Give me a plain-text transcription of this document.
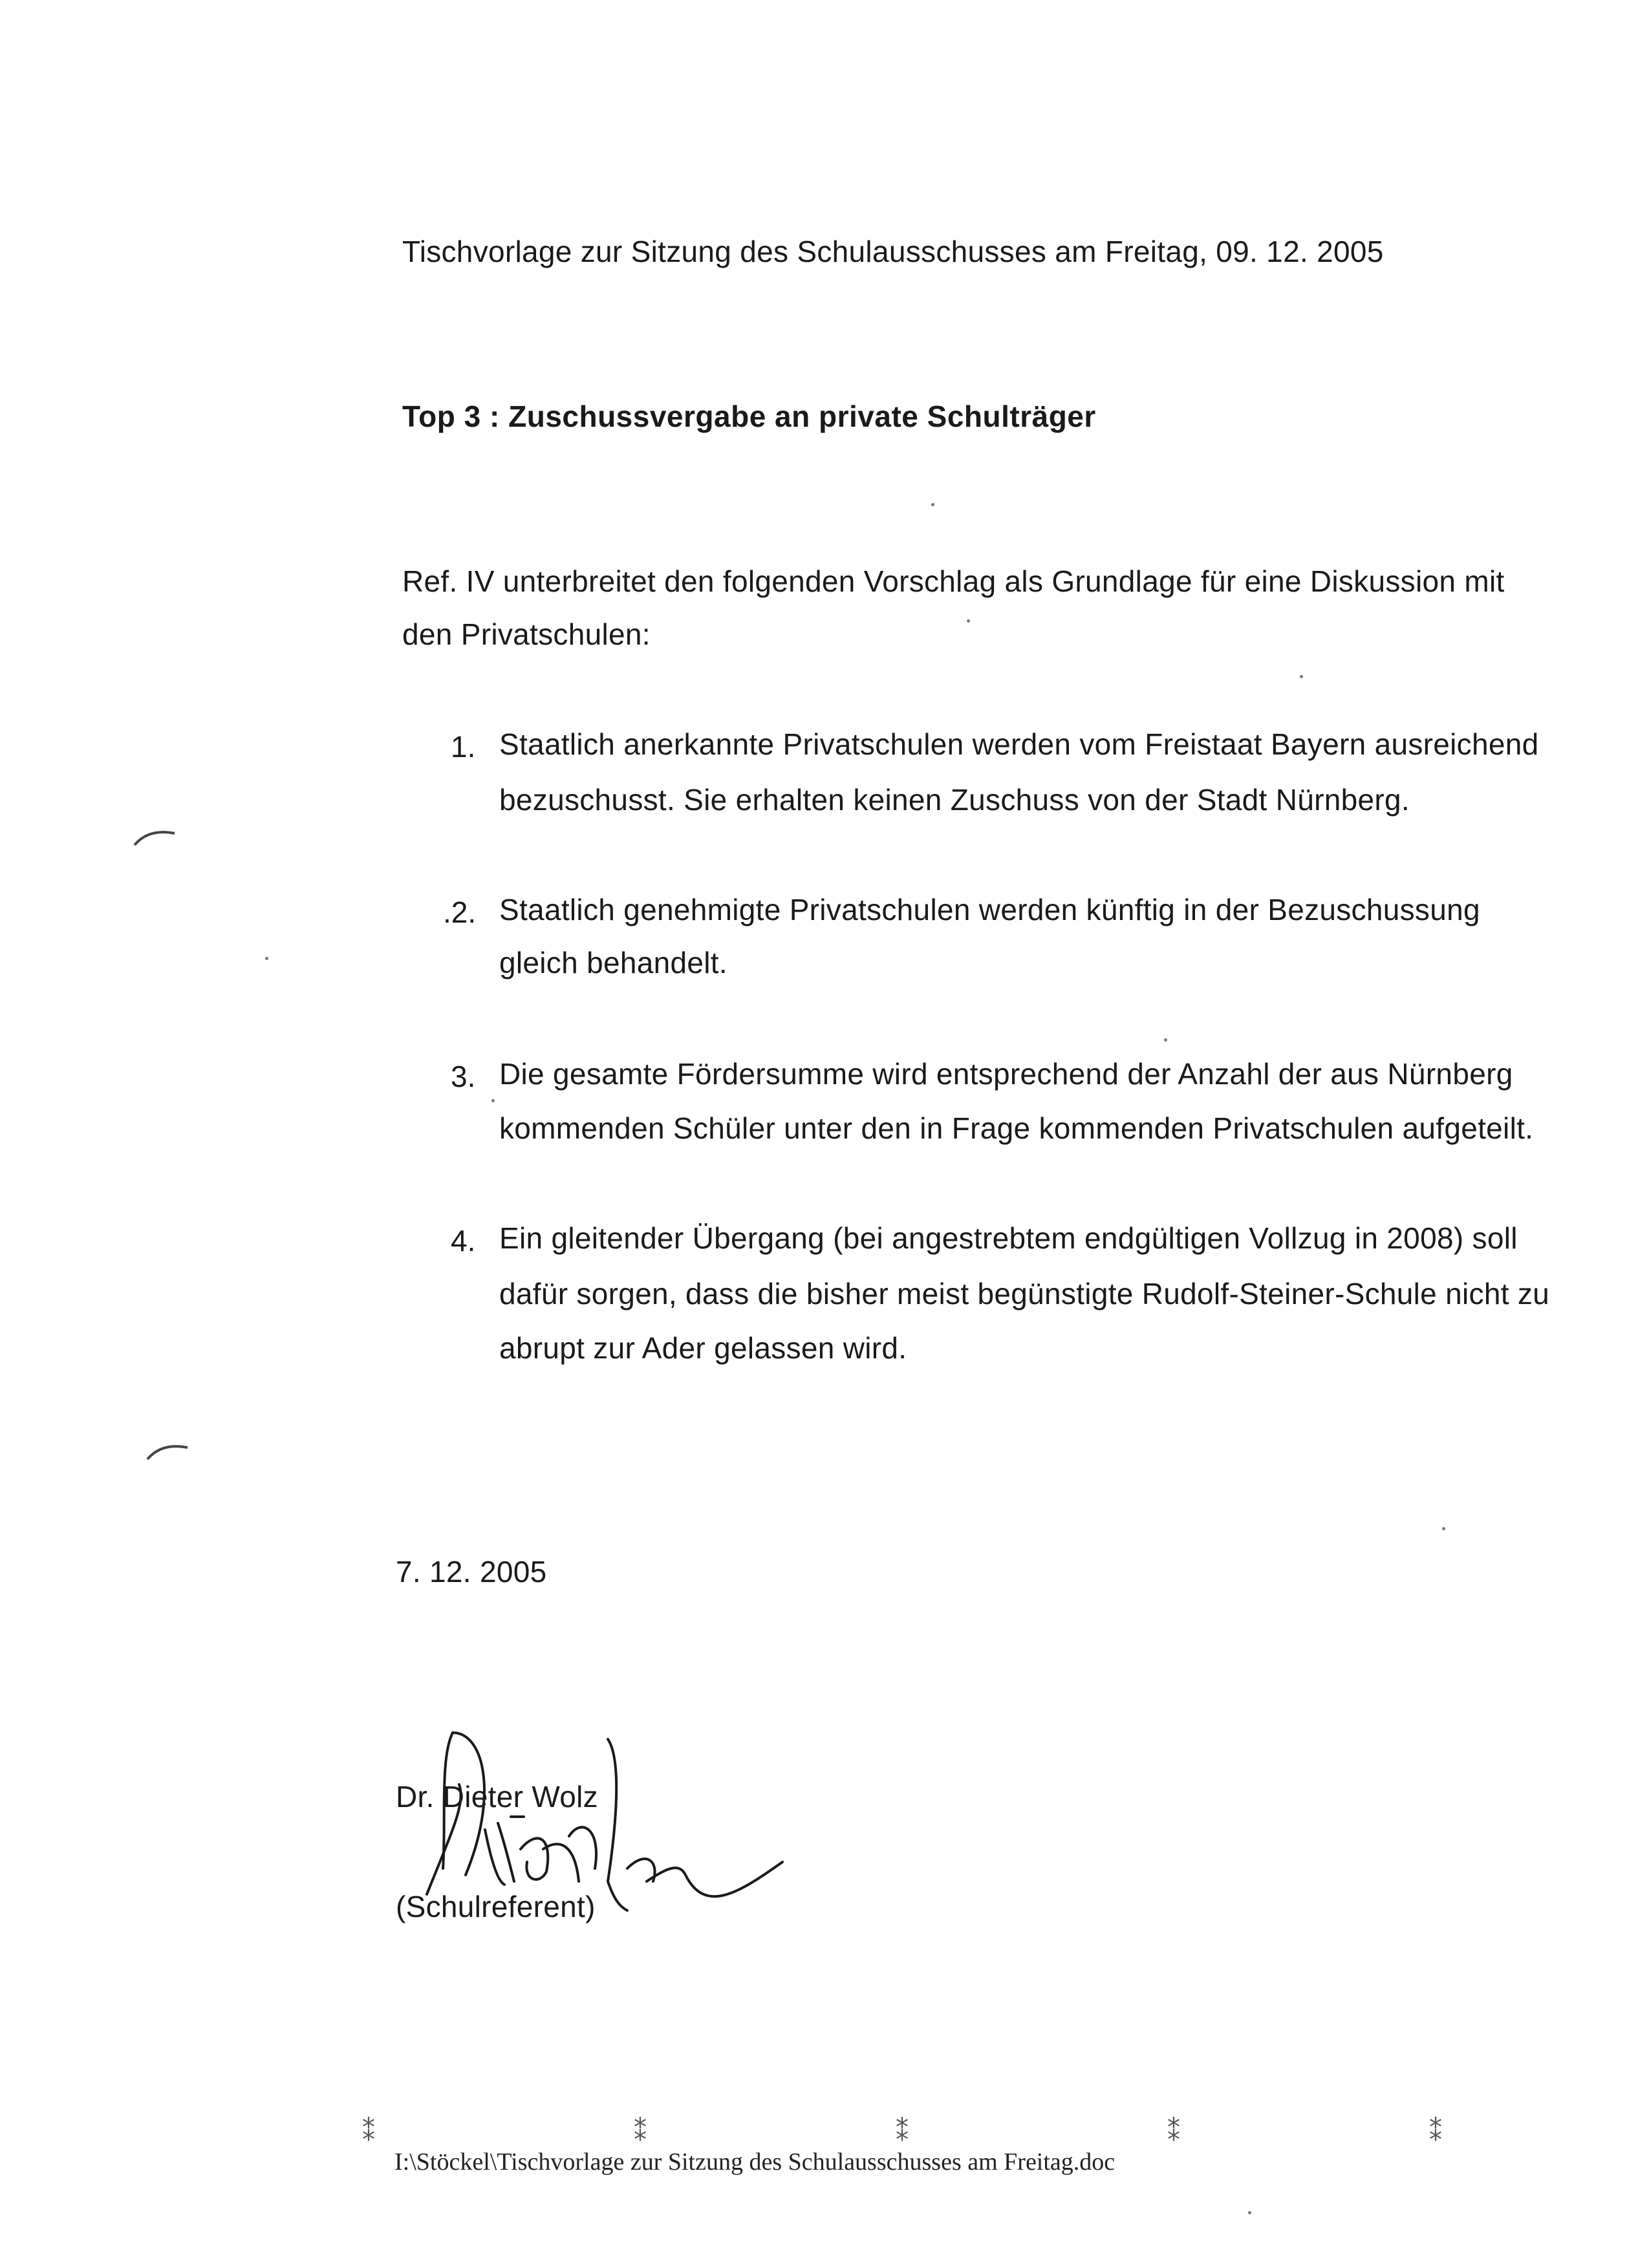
Tischvorlage zur Sitzung des Schulausschusses am Freitag, 09. 12. 2005
Top 3 : Zuschussvergabe an private Schulträger
Ref. IV unterbreitet den folgenden Vorschlag als Grundlage für eine Diskussion mit
den Privatschulen:
1. Staatlich anerkannte Privatschulen werden vom Freistaat Bayern ausreichend
bezuschusst. Sie erhalten keinen Zuschuss von der Stadt Nürnberg.
.2. Staatlich genehmigte Privatschulen werden künftig in der Bezuschussung
gleich behandelt.
3. Die gesamte Fördersumme wird entsprechend der Anzahl der aus Nürnberg
kommenden Schüler unter den in Frage kommenden Privatschulen aufgeteilt.
4. Ein gleitender Übergang (bei angestrebtem endgültigen Vollzug in 2008) soll
dafür sorgen, dass die bisher meist begünstigte Rudolf-Steiner-Schule nicht zu
abrupt zur Ader gelassen wird.
7. 12. 2005
Dr. Dieter Wolz
(Schulreferent)
⁑	⁑	⁑	⁑	⁑
I:\Stöckel\Tischvorlage zur Sitzung des Schulausschusses am Freitag.doc
